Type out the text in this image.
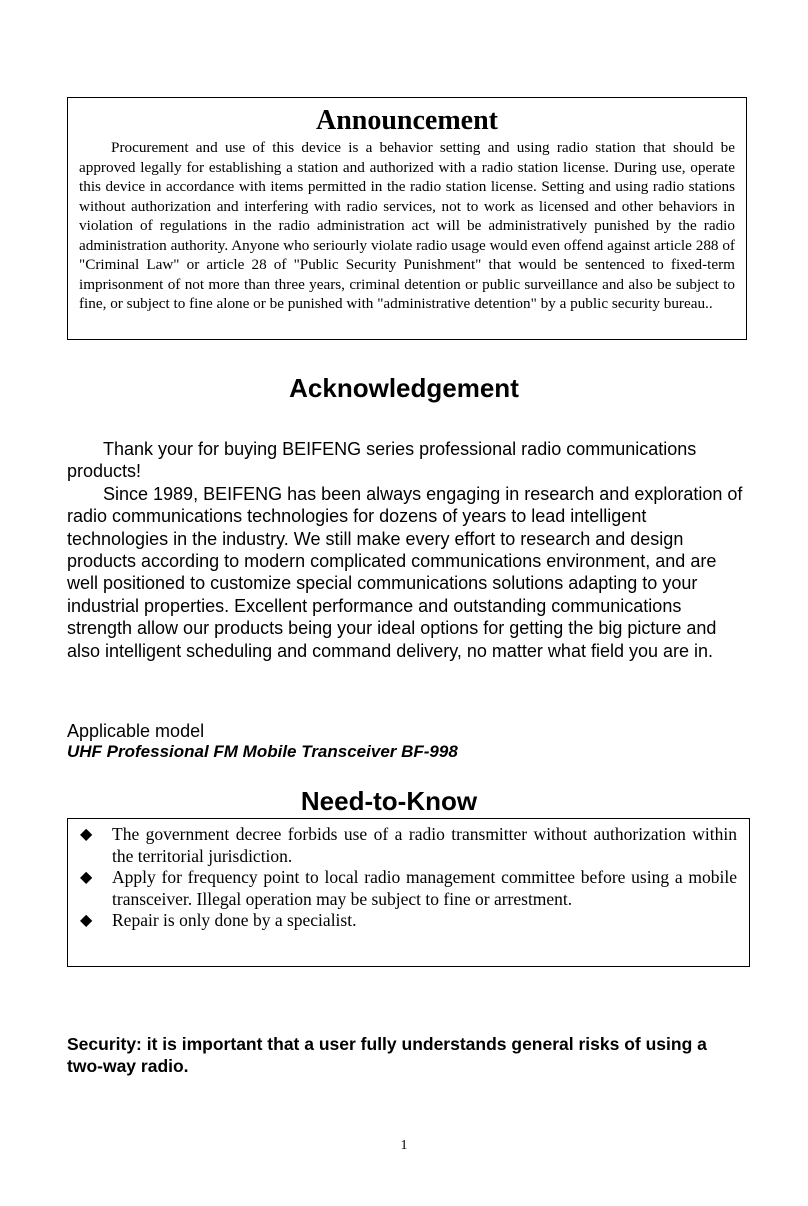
Announcement

Procurement and use of this device is a behavior setting and using radio station that should be approved legally for establishing a station and authorized with a radio station license. During use, operate this device in accordance with items permitted in the radio station license. Setting and using radio stations without authorization and interfering with radio services, not to work as licensed and other behaviors in violation of regulations in the radio administration act will be administratively punished by the radio administration authority. Anyone who seriourly violate radio usage would even offend against article 288 of "Criminal Law" or article 28 of "Public Security Punishment" that would be sentenced to fixed-term imprisonment of not more than three years, criminal detention or public surveillance and also be subject to fine, or subject to fine alone or be punished with "administrative detention" by a public security bureau..

Acknowledgement

Thank your for buying BEIFENG series professional radio communications products!

Since 1989, BEIFENG has been always engaging in research and exploration of radio communications technologies for dozens of years to lead intelligent technologies in the industry. We still make every effort to research and design products according to modern complicated communications environment, and are well positioned to customize special communications solutions adapting to your industrial properties. Excellent performance and outstanding communications strength allow our products being your ideal options for getting the big picture and also intelligent scheduling and command delivery, no matter what field you are in.

Applicable model

UHF Professional FM Mobile Transceiver BF-998

Need-to-Know
◆	The government decree forbids use of a radio transmitter without authorization within the territorial jurisdiction.
◆	Apply for frequency point to local radio management committee before using a mobile transceiver. Illegal operation may be subject to fine or arrestment.
◆	Repair is only done by a specialist.

Security: it is important that a user fully understands general risks of using a two-way radio.

1
